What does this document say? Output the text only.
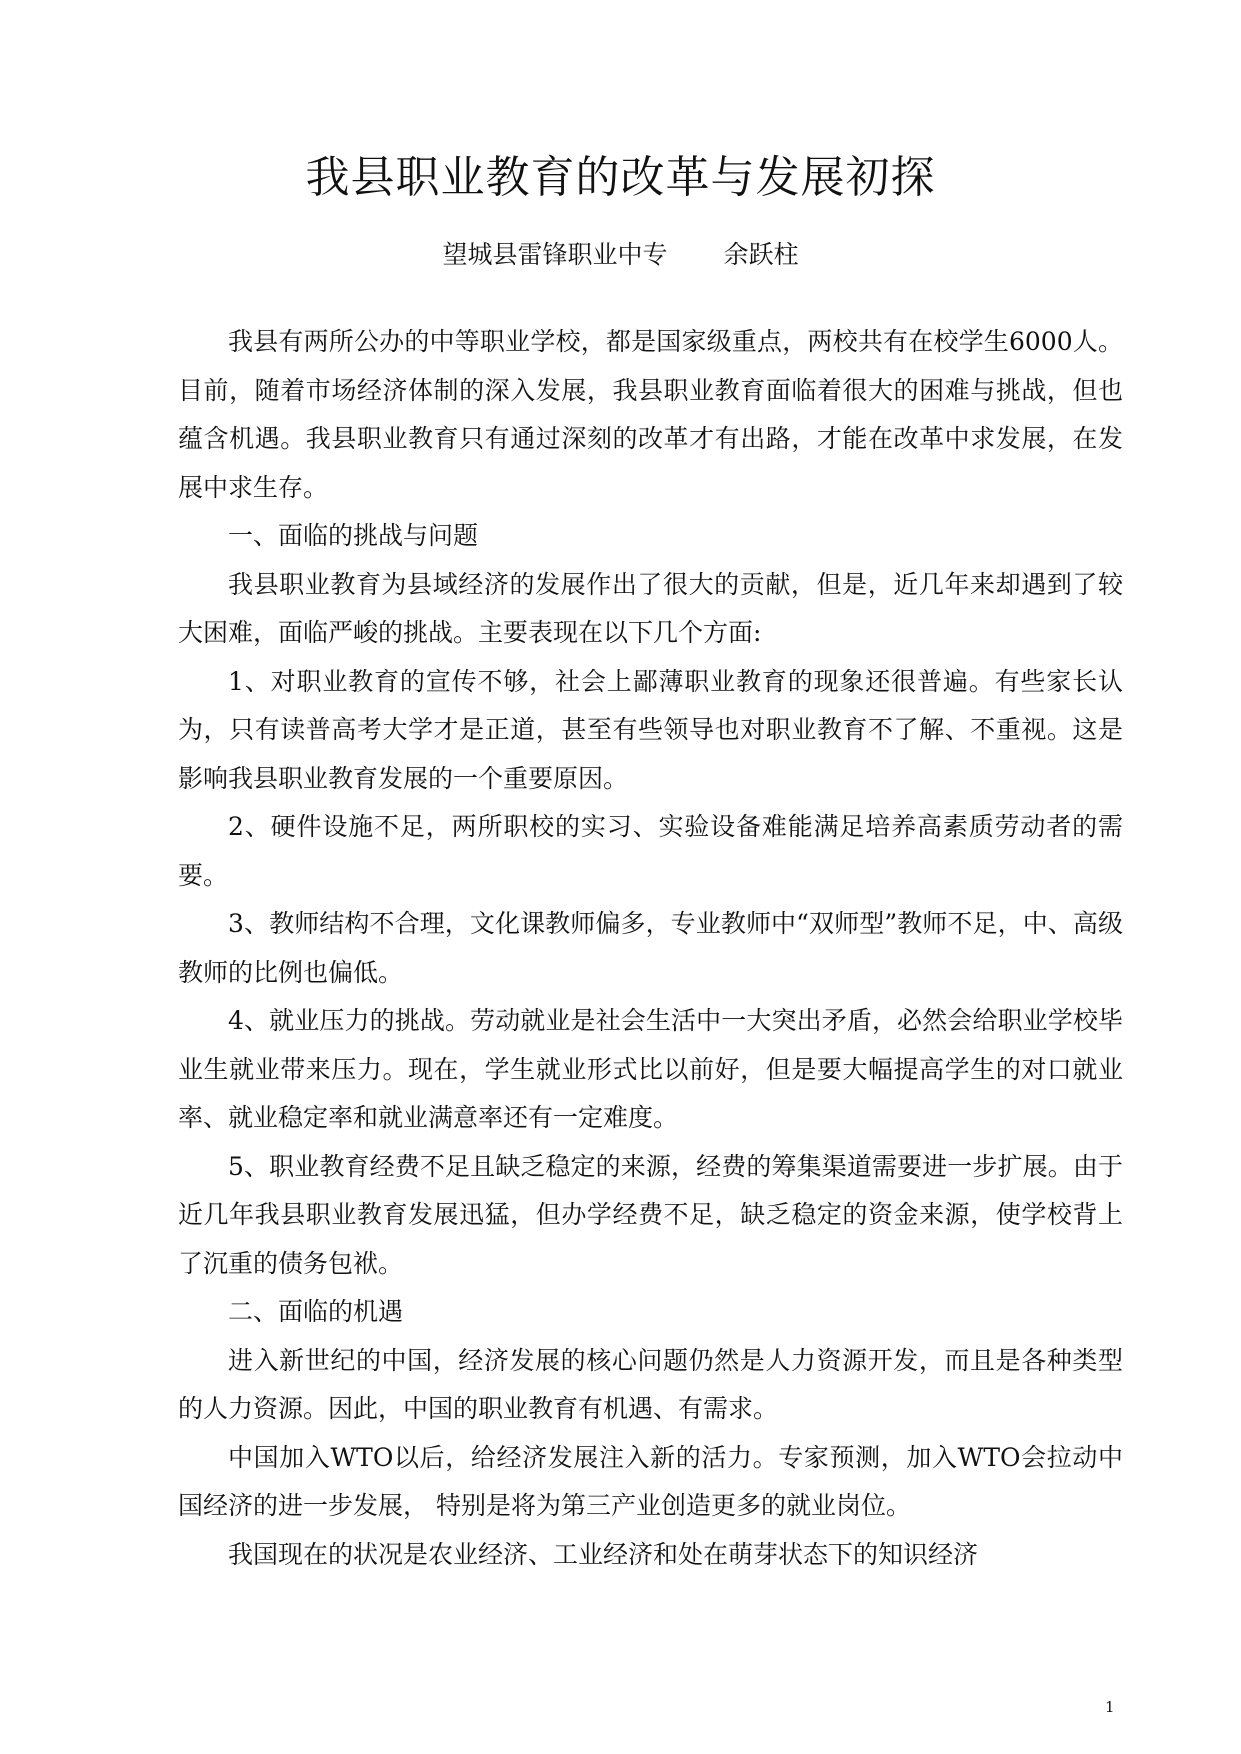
我县职业教育的改革与发展初探
望城县雷锋职业中专 余跃柱

我县有两所公办的中等职业学校，都是国家级重点，两校共有在校学生6000人。目前，随着市场经济体制的深入发展，我县职业教育面临着很大的困难与挑战，但也蕴含机遇。我县职业教育只有通过深刻的改革才有出路，才能在改革中求发展，在发展中求生存。

一、面临的挑战与问题

我县职业教育为县域经济的发展作出了很大的贡献，但是，近几年来却遇到了较大困难，面临严峻的挑战。主要表现在以下几个方面:

1、对职业教育的宣传不够，社会上鄙薄职业教育的现象还很普遍。有些家长认为，只有读普高考大学才是正道，甚至有些领导也对职业教育不了解、不重视。这是影响我县职业教育发展的一个重要原因。

2、硬件设施不足，两所职校的实习、实验设备难能满足培养高素质劳动者的需要。

3、教师结构不合理，文化课教师偏多，专业教师中“双师型”教师不足，中、高级教师的比例也偏低。

4、就业压力的挑战。劳动就业是社会生活中一大突出矛盾，必然会给职业学校毕业生就业带来压力。现在，学生就业形式比以前好，但是要大幅提高学生的对口就业率、就业稳定率和就业满意率还有一定难度。

5、职业教育经费不足且缺乏稳定的来源，经费的筹集渠道需要进一步扩展。由于近几年我县职业教育发展迅猛，但办学经费不足，缺乏稳定的资金来源，使学校背上了沉重的债务包袱。

二、面临的机遇

进入新世纪的中国，经济发展的核心问题仍然是人力资源开发，而且是各种类型的人力资源。因此，中国的职业教育有机遇、有需求。

中国加入WTO以后，给经济发展注入新的活力。专家预测，加入WTO会拉动中国经济的进一步发展， 特别是将为第三产业创造更多的就业岗位。

我国现在的状况是农业经济、工业经济和处在萌芽状态下的知识经济

1
